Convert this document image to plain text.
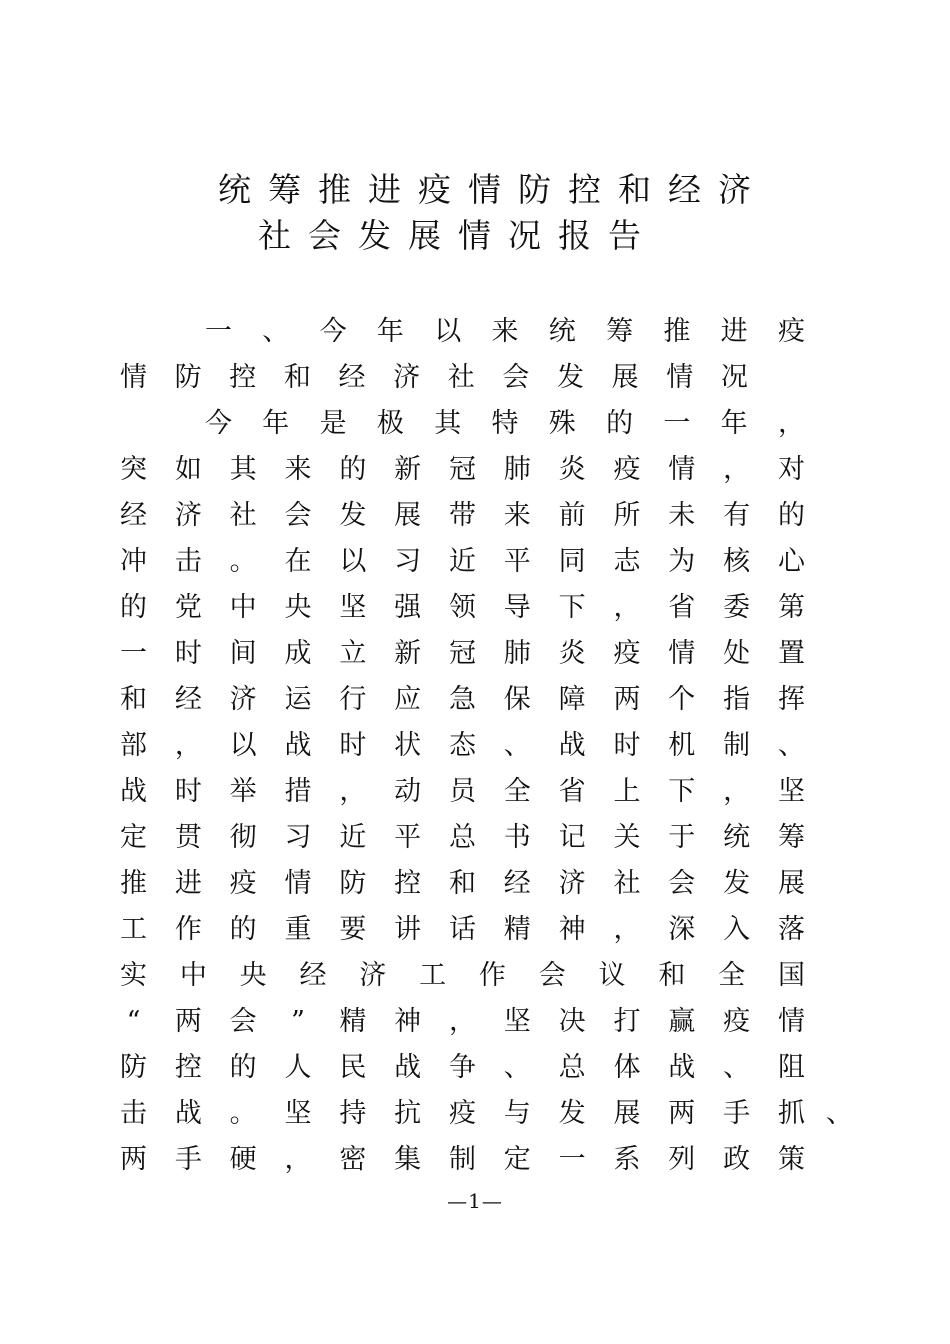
统筹推进疫情防控和经济
社会发展情况报告
一 、 今 年 以 来 统 筹 推 进 疫
情 防 控 和 经 济 社 会 发 展 情 况
今 年 是 极 其 特 殊 的 一 年 ，
突 如 其 来 的 新 冠 肺 炎 疫 情 ， 对
经 济 社 会 发 展 带 来 前 所 未 有 的
冲 击 。 在 以 习 近 平 同 志 为 核 心
的 党 中 央 坚 强 领 导 下 ， 省 委 第
一 时 间 成 立 新 冠 肺 炎 疫 情 处 置
和 经 济 运 行 应 急 保 障 两 个 指 挥
部 ， 以 战 时 状 态 、 战 时 机 制 、
战 时 举 措 ， 动 员 全 省 上 下 ， 坚
定 贯 彻 习 近 平 总 书 记 关 于 统 筹
推 进 疫 情 防 控 和 经 济 社 会 发 展
工 作 的 重 要 讲 话 精 神 ， 深 入 落
实 中 央 经 济 工 作 会 议 和 全 国
“ 两 会 ” 精 神 ， 坚 决 打 赢 疫 情
防 控 的 人 民 战 争 、 总 体 战 、 阻
击 战 。 坚 持 抗 疫 与 发 展 两 手 抓 、
两 手 硬 ， 密 集 制 定 一 系 列 政 策
—1—
